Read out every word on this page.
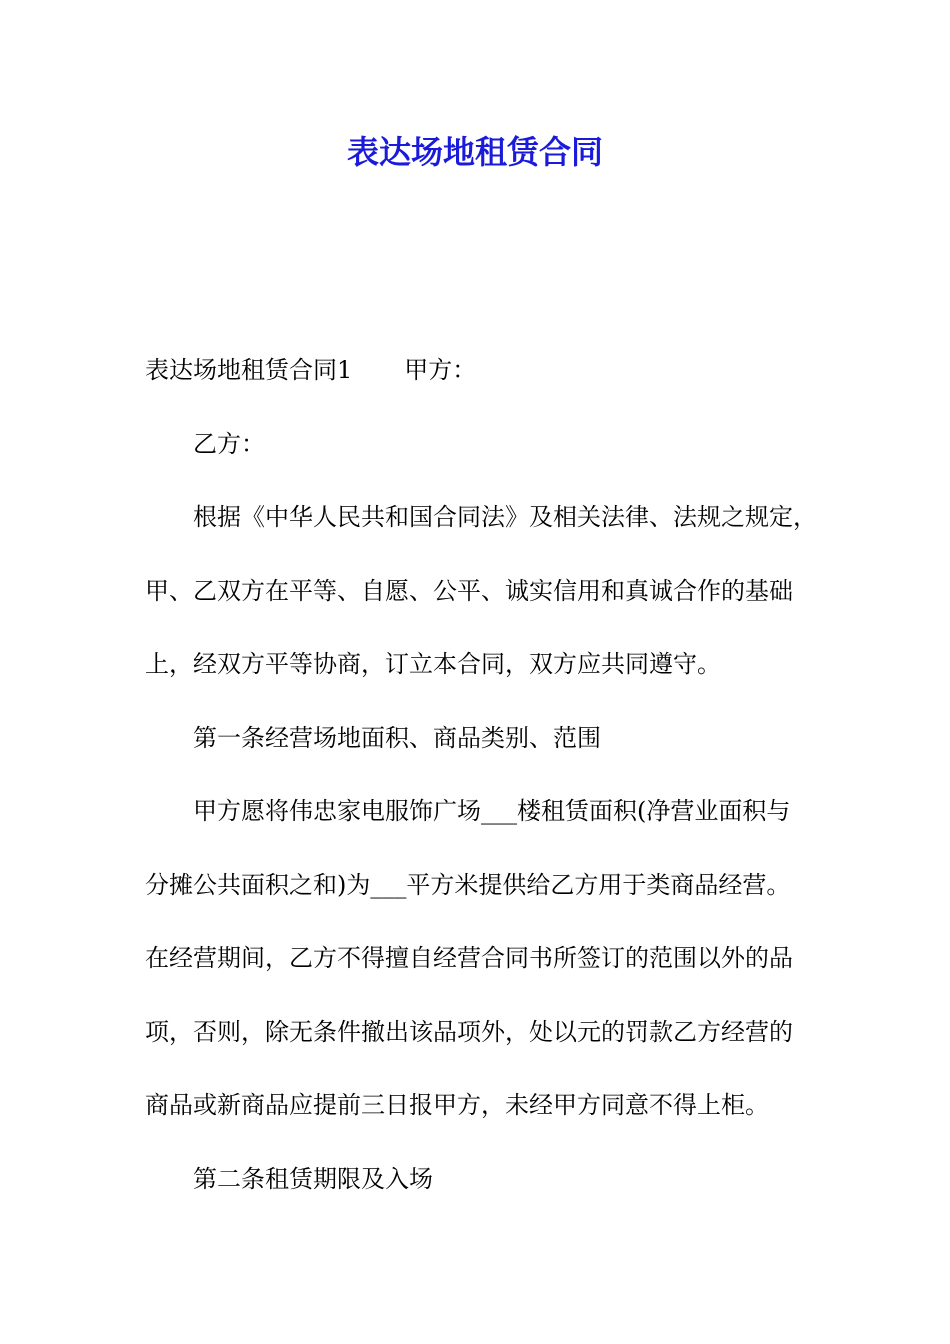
表达场地租赁合同
表达场地租赁合同1 甲方：
乙方：
根据《中华人民共和国合同法》及相关法律、法规之规定，
甲、乙双方在平等、自愿、公平、诚实信用和真诚合作的基础
上，经双方平等协商，订立本合同，双方应共同遵守。
第一条经营场地面积、商品类别、范围
甲方愿将伟忠家电服饰广场___楼租赁面积(净营业面积与
分摊公共面积之和)为___平方米提供给乙方用于类商品经营。
在经营期间，乙方不得擅自经营合同书所签订的范围以外的品
项，否则，除无条件撤出该品项外，处以元的罚款乙方经营的
商品或新商品应提前三日报甲方，未经甲方同意不得上柜。
第二条租赁期限及入场
